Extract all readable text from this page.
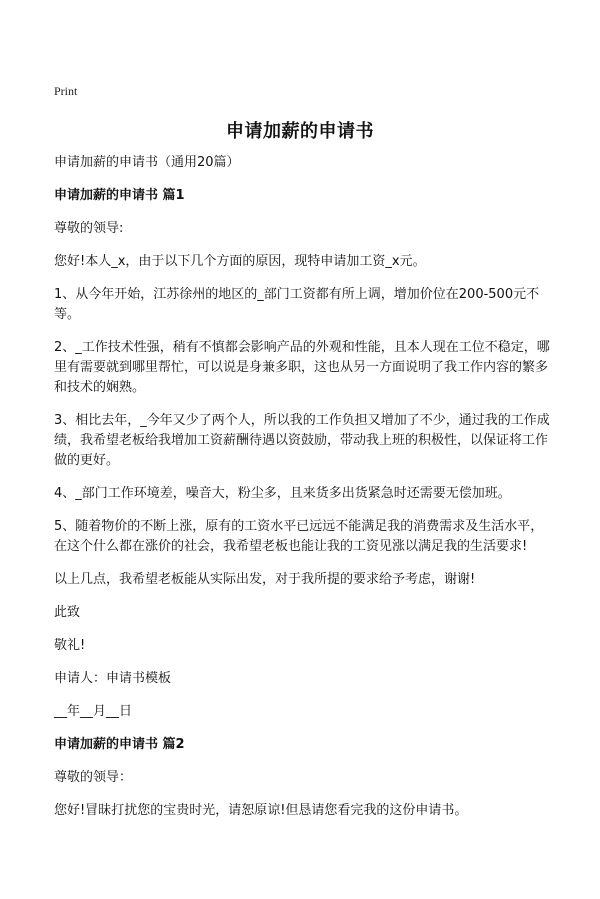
Print
申请加薪的申请书

申请加薪的申请书（通用20篇）

申请加薪的申请书 篇1

尊敬的领导:

您好!本人_x，由于以下几个方面的原因，现特申请加工资_x元。

1、从今年开始，江苏徐州的地区的_部门工资都有所上调，增加价位在200-500元不等。

2、_工作技术性强，稍有不慎都会影响产品的外观和性能，且本人现在工位不稳定，哪里有需要就到哪里帮忙，可以说是身兼多职，这也从另一方面说明了我工作内容的繁多和技术的娴熟。

3、相比去年，_今年又少了两个人，所以我的工作负担又增加了不少，通过我的工作成绩，我希望老板给我增加工资薪酬待遇以资鼓励，带动我上班的积极性，以保证将工作做的更好。

4、_部门工作环境差，噪音大，粉尘多，且来货多出货紧急时还需要无偿加班。

5、随着物价的不断上涨，原有的工资水平已远远不能满足我的消费需求及生活水平，在这个什么都在涨价的社会，我希望老板也能让我的工资见涨以满足我的生活要求!

以上几点，我希望老板能从实际出发，对于我所提的要求给予考虑，谢谢!

此致

敬礼!

申请人：申请书模板

__年__月__日

申请加薪的申请书 篇2

尊敬的领导：

您好!冒昧打扰您的宝贵时光，请恕原谅!但恳请您看完我的这份申请书。
